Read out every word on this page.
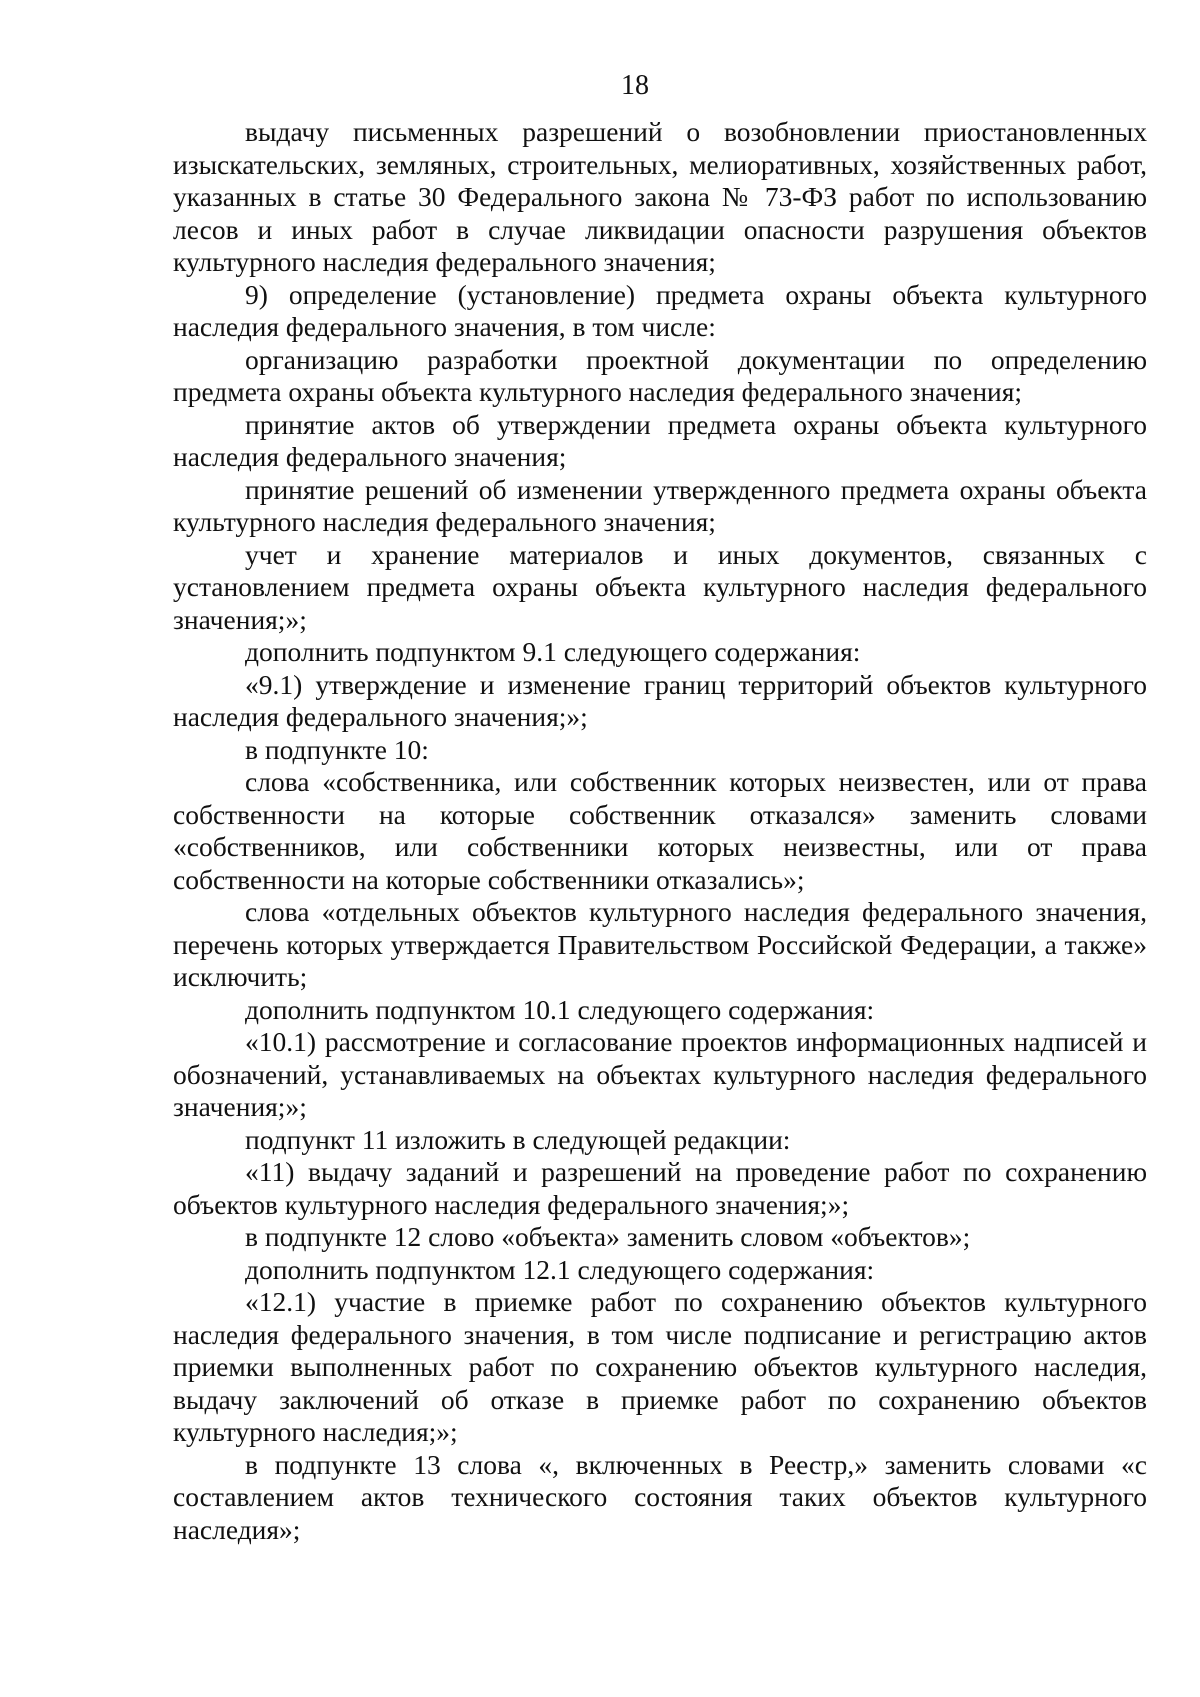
18

выдачу письменных разрешений о возобновлении приостановленных изыскательских, земляных, строительных, мелиоративных, хозяйственных работ, указанных в статье 30 Федерального закона № 73-ФЗ работ по использованию лесов и иных работ в случае ликвидации опасности разрушения объектов культурного наследия федерального значения;

9) определение (установление) предмета охраны объекта культурного наследия федерального значения, в том числе:

организацию разработки проектной документации по определению предмета охраны объекта культурного наследия федерального значения;

принятие актов об утверждении предмета охраны объекта культурного наследия федерального значения;

принятие решений об изменении утвержденного предмета охраны объекта культурного наследия федерального значения;

учет и хранение материалов и иных документов, связанных с установлением предмета охраны объекта культурного наследия федерального значения;»;

дополнить подпунктом 9.1 следующего содержания:

«9.1) утверждение и изменение границ территорий объектов культурного наследия федерального значения;»;

в подпункте 10:

слова «собственника, или собственник которых неизвестен, или от права собственности на которые собственник отказался» заменить словами «собственников, или собственники которых неизвестны, или от права собственности на которые собственники отказались»;

слова «отдельных объектов культурного наследия федерального значения, перечень которых утверждается Правительством Российской Федерации, а также» исключить;

дополнить подпунктом 10.1 следующего содержания:

«10.1) рассмотрение и согласование проектов информационных надписей и обозначений, устанавливаемых на объектах культурного наследия федерального значения;»;

подпункт 11 изложить в следующей редакции:

«11) выдачу заданий и разрешений на проведение работ по сохранению объектов культурного наследия федерального значения;»;

в подпункте 12 слово «объекта» заменить словом «объектов»;

дополнить подпунктом 12.1 следующего содержания:

«12.1) участие в приемке работ по сохранению объектов культурного наследия федерального значения, в том числе подписание и регистрацию актов приемки выполненных работ по сохранению объектов культурного наследия, выдачу заключений об отказе в приемке работ по сохранению объектов культурного наследия;»;

в подпункте 13 слова «, включенных в Реестр,» заменить словами «с составлением актов технического состояния таких объектов культурного наследия»;
